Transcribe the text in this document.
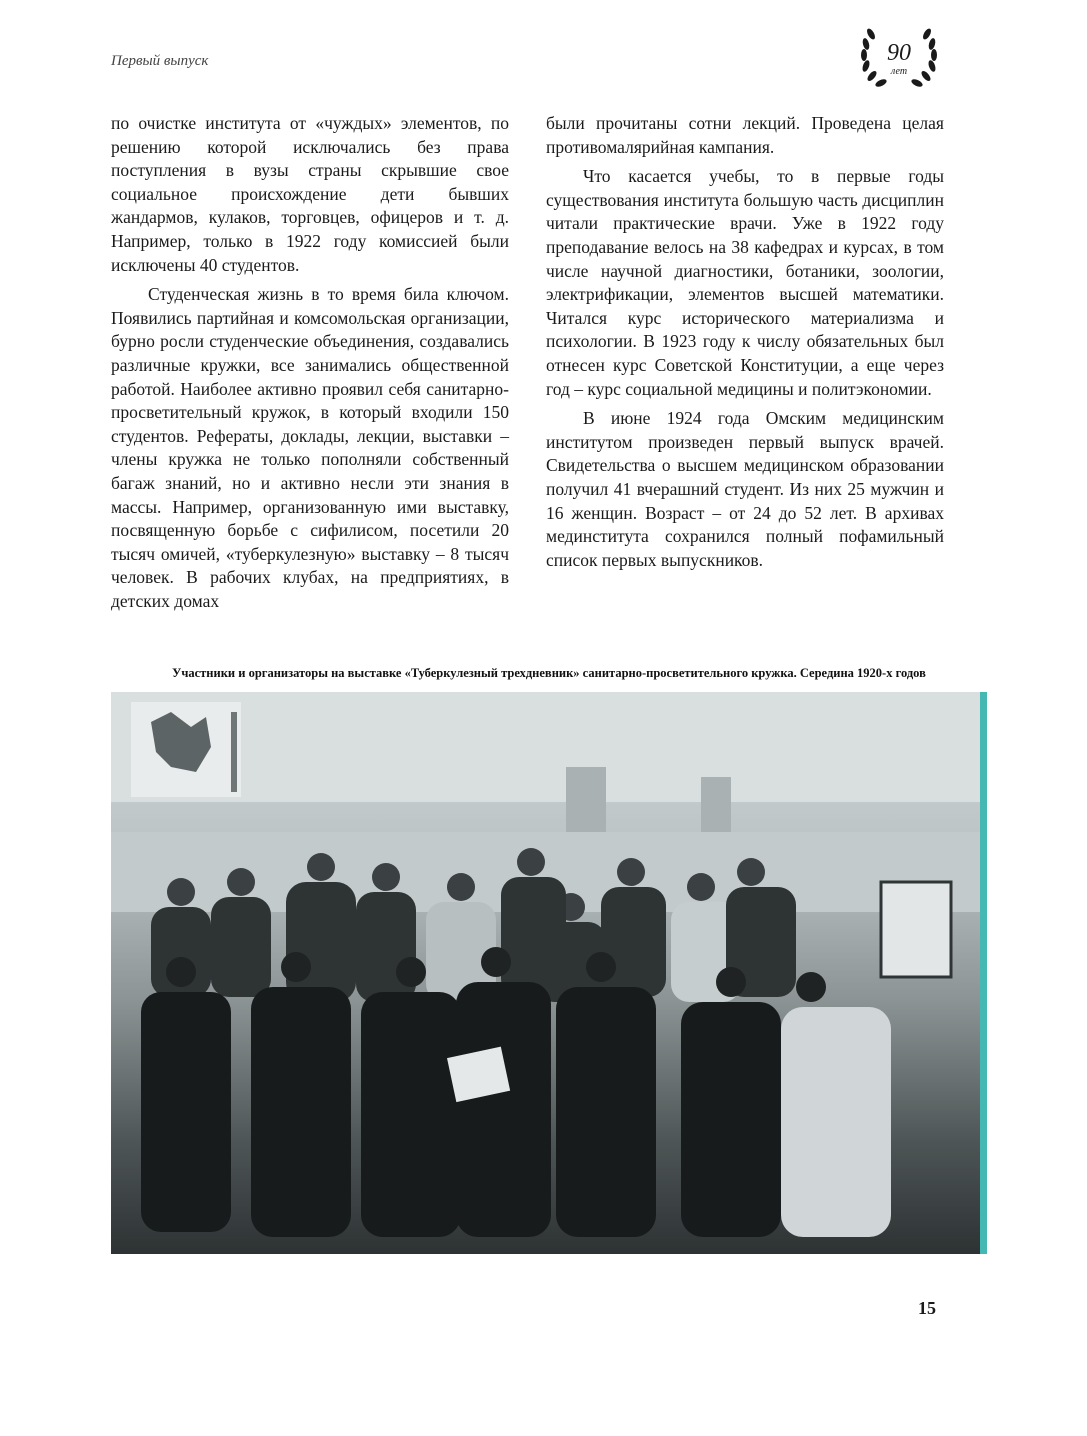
Первый выпуск	90
лет

по очистке института от «чуждых» элементов, по решению которой исключались без права поступления в вузы страны скрывшие свое социальное происхождение дети бывших жандармов, кулаков, торговцев, офицеров и т. д. Например, только в 1922 году комиссией были исключены 40 студентов.

Студенческая жизнь в то время била ключом. Появились партийная и комсомольская организации, бурно росли студенческие объединения, создавались различные кружки, все занимались общественной работой. Наиболее активно проявил себя санитарно-просветительный кружок, в который входили 150 студентов. Рефераты, доклады, лекции, выставки – члены кружка не только пополняли собственный багаж знаний, но и активно несли эти знания в массы. Например, организованную ими выставку, посвященную борьбе с сифилисом, посетили 20 тысяч омичей, «туберкулезную» выставку – 8 тысяч человек. В рабочих клубах, на предприятиях, в детских домах

были прочитаны сотни лекций. Проведена целая противомалярийная кампания.

Что касается учебы, то в первые годы существования института большую часть дисциплин читали практические врачи. Уже в 1922 году преподавание велось на 38 кафедрах и курсах, в том числе научной диагностики, ботаники, зоологии, электрификации, элементов высшей математики. Читался курс исторического материализма и психологии. В 1923 году к числу обязательных был отнесен курс Советской Конституции, а еще через год – курс социальной медицины и политэкономии.

В июне 1924 года Омским медицинским институтом произведен первый выпуск врачей. Свидетельства о высшем медицинском образовании получил 41 вчерашний студент. Из них 25 мужчин и 16 женщин. Возраст – от 24 до 52 лет. В архивах мединститута сохранился полный пофамильный список первых выпускников.

Участники и организаторы на выставке «Туберкулезный трехдневник» санитарно-просветительного кружка. Середина 1920-х годов
15
